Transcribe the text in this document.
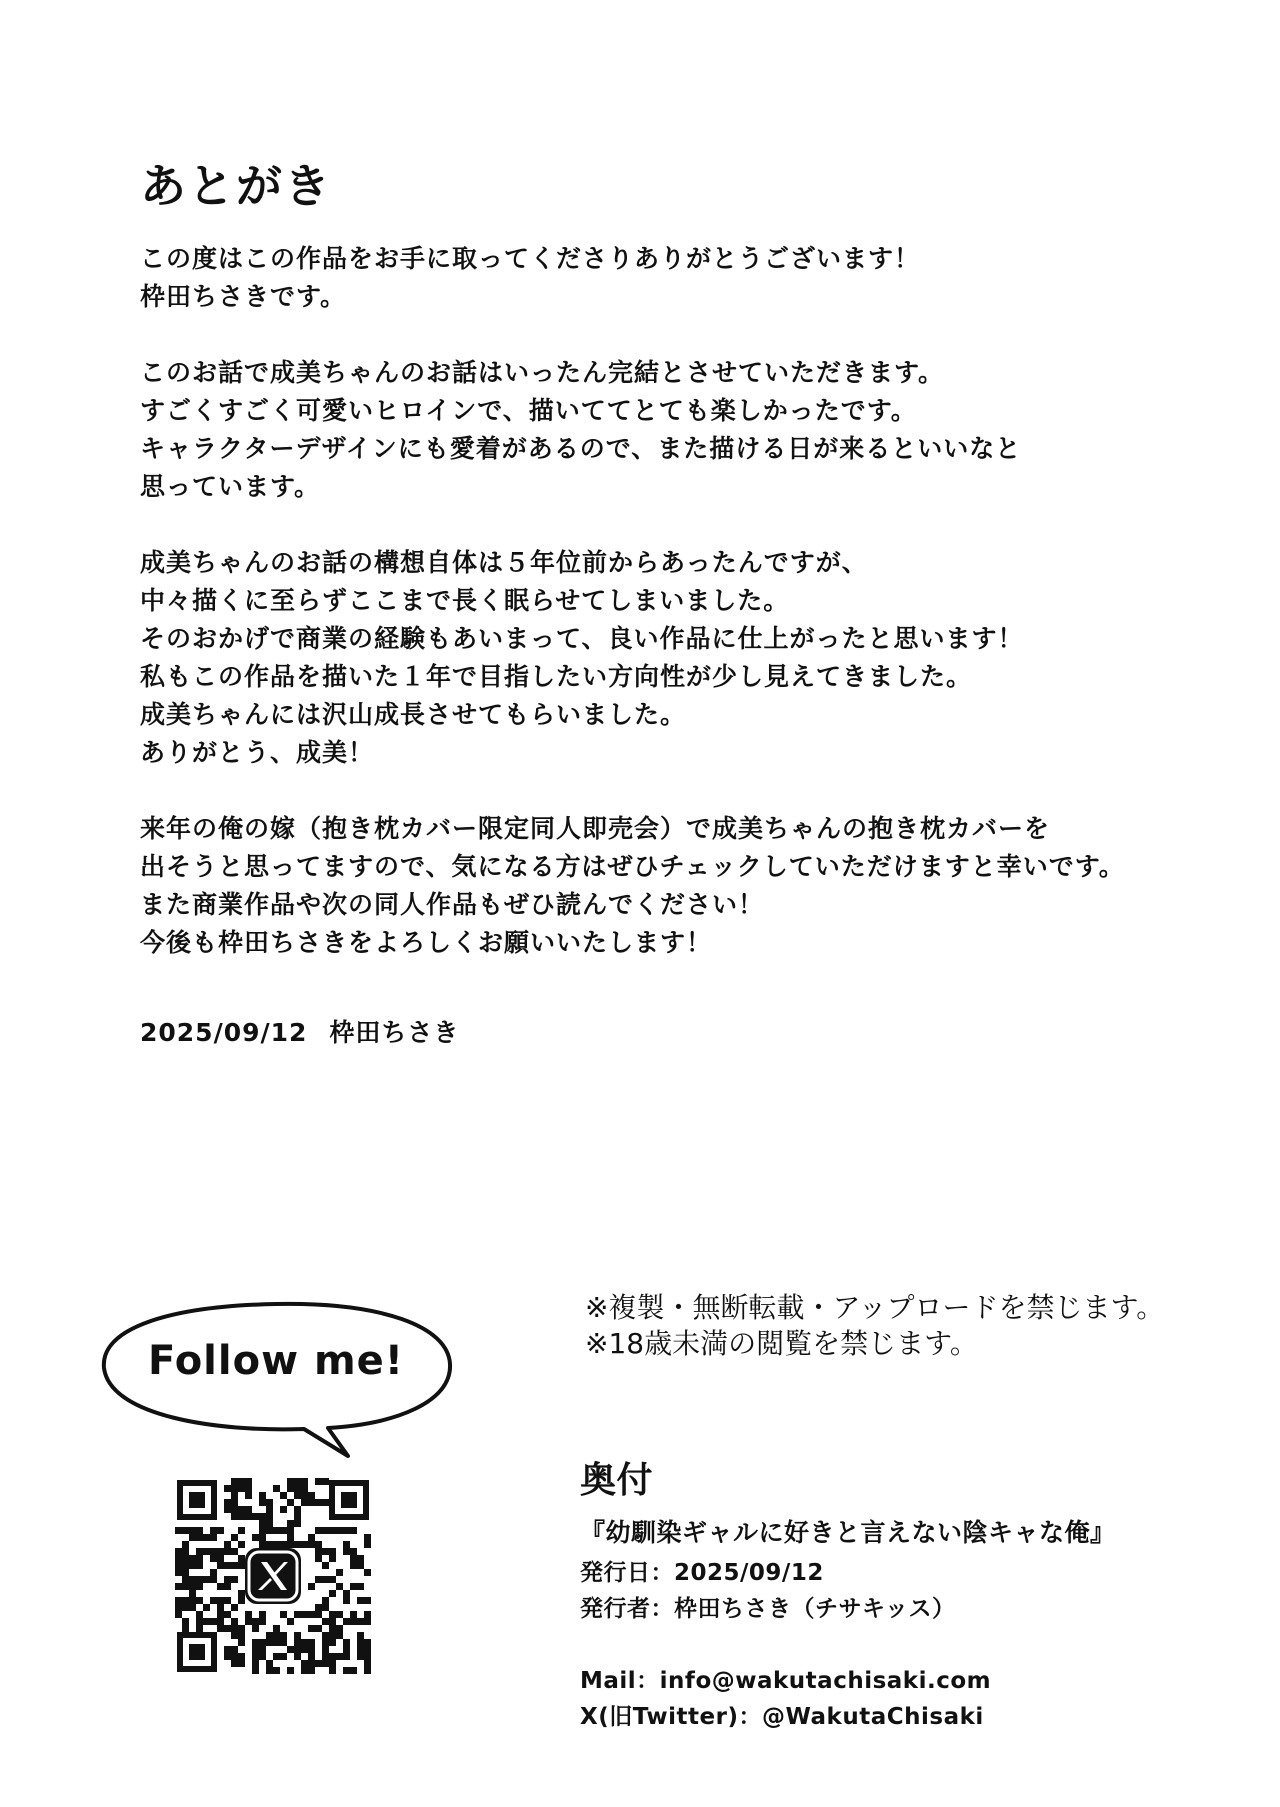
あとがき

この度はこの作品をお手に取ってくださりありがとうございます！
枠田ちさきです。

このお話で成美ちゃんのお話はいったん完結とさせていただきます。
すごくすごく可愛いヒロインで、描いててとても楽しかったです。
キャラクターデザインにも愛着があるので、また描ける日が来るといいなと
思っています。

成美ちゃんのお話の構想自体は５年位前からあったんですが、
中々描くに至らずここまで長く眠らせてしまいました。
そのおかげで商業の経験もあいまって、良い作品に仕上がったと思います！
私もこの作品を描いた１年で目指したい方向性が少し見えてきました。
成美ちゃんには沢山成長させてもらいました。
ありがとう、成美！

来年の俺の嫁（抱き枕カバー限定同人即売会）で成美ちゃんの抱き枕カバーを
出そうと思ってますので、気になる方はぜひチェックしていただけますと幸いです。
また商業作品や次の同人作品もぜひ読んでください！
今後も枠田ちさきをよろしくお願いいたします！

2025/09/12 枠田ちさき
※複製・無断転載・アップロードを禁じます。
※18歳未満の閲覧を禁じます。
Follow me!
奥付
『幼馴染ギャルに好きと言えない陰キャな俺』
発行日：2025/09/12
発行者：枠田ちさき（チサキッス）
Mail：info@wakutachisaki.com
X(旧Twitter)：@WakutaChisaki
